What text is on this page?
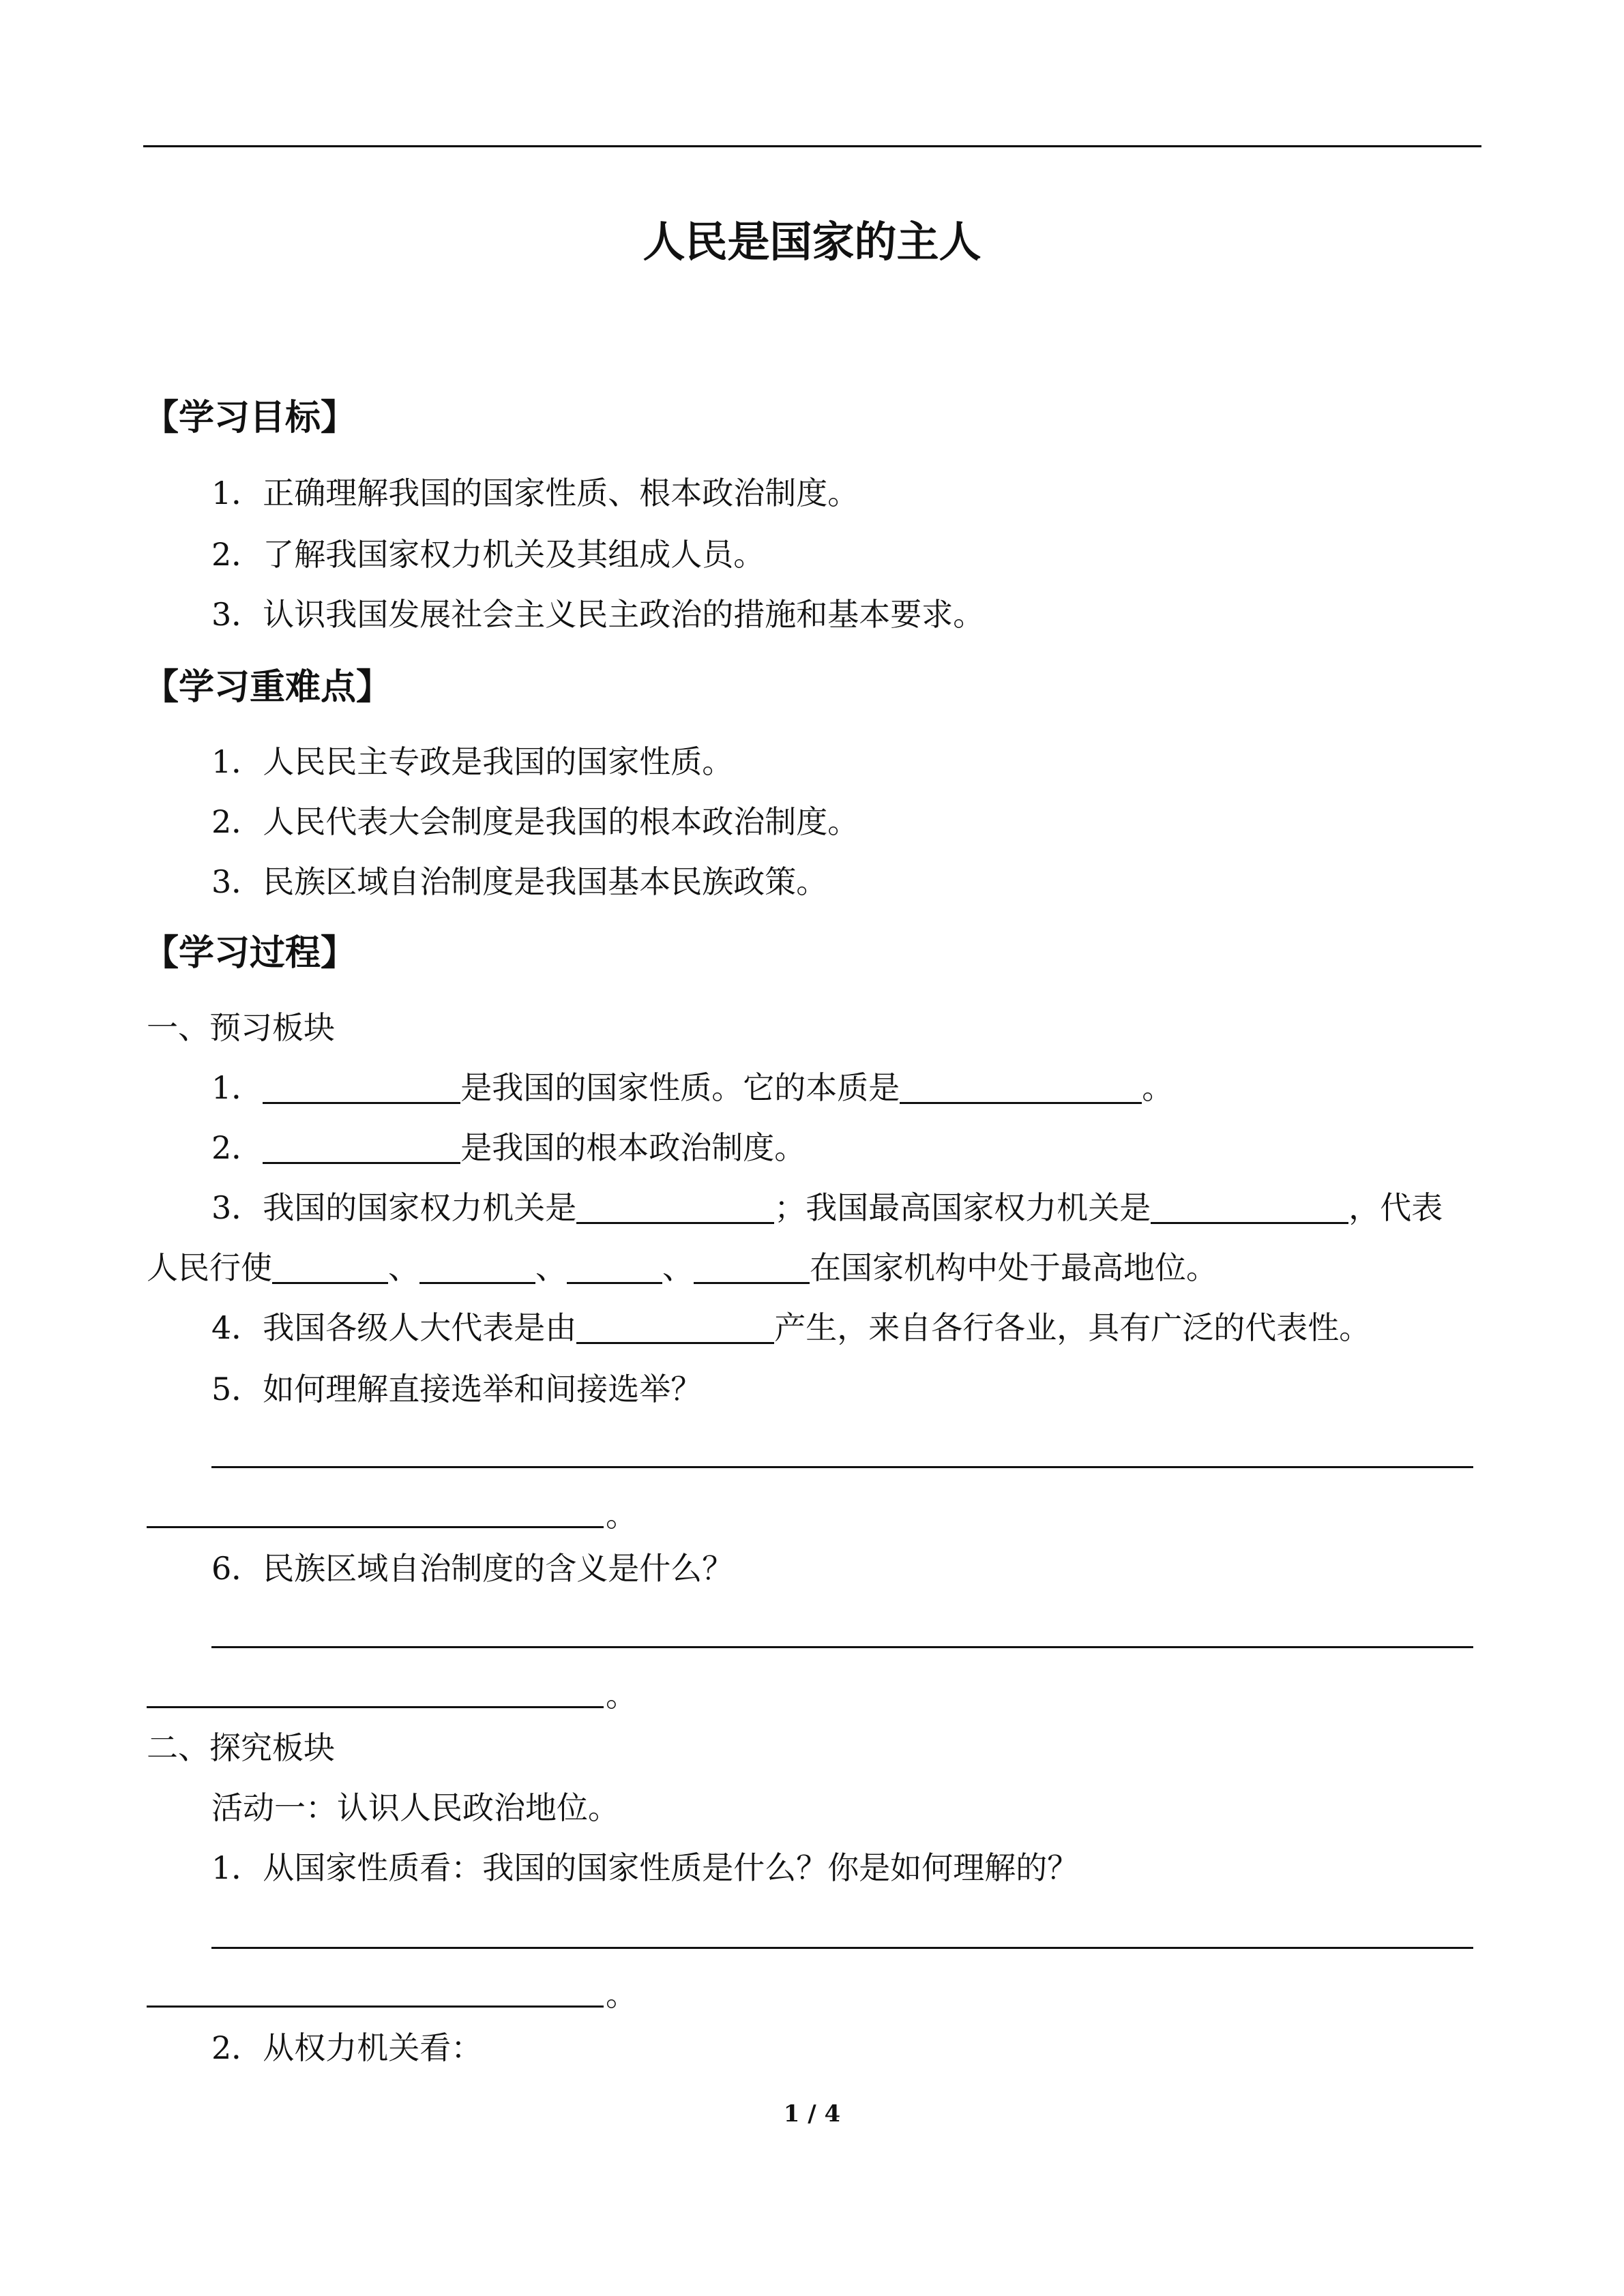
人民是国家的主人
【学习目标】
1．正确理解我国的国家性质、根本政治制度。
2．了解我国家权力机关及其组成人员。
3．认识我国发展社会主义民主政治的措施和基本要求。
【学习重难点】
1．人民民主专政是我国的国家性质。
2．人民代表大会制度是我国的根本政治制度。
3．民族区域自治制度是我国基本民族政策。
【学习过程】
一、预习板块
1．	是我国的国家性质。它的本质是	。
2．	是我国的根本政治制度。
3．我国的国家权力机关是	；我国最高国家权力机关是	，代表
人民行使	、	、	、	在国家机构中处于最高地位。
4．我国各级人大代表是由	产生，来自各行各业，具有广泛的代表性。
5．如何理解直接选举和间接选举？
。
6．民族区域自治制度的含义是什么？
。
二、探究板块
活动一：认识人民政治地位。
1．从国家性质看：我国的国家性质是什么？你是如何理解的？
。
2．从权力机关看：
1 / 4
